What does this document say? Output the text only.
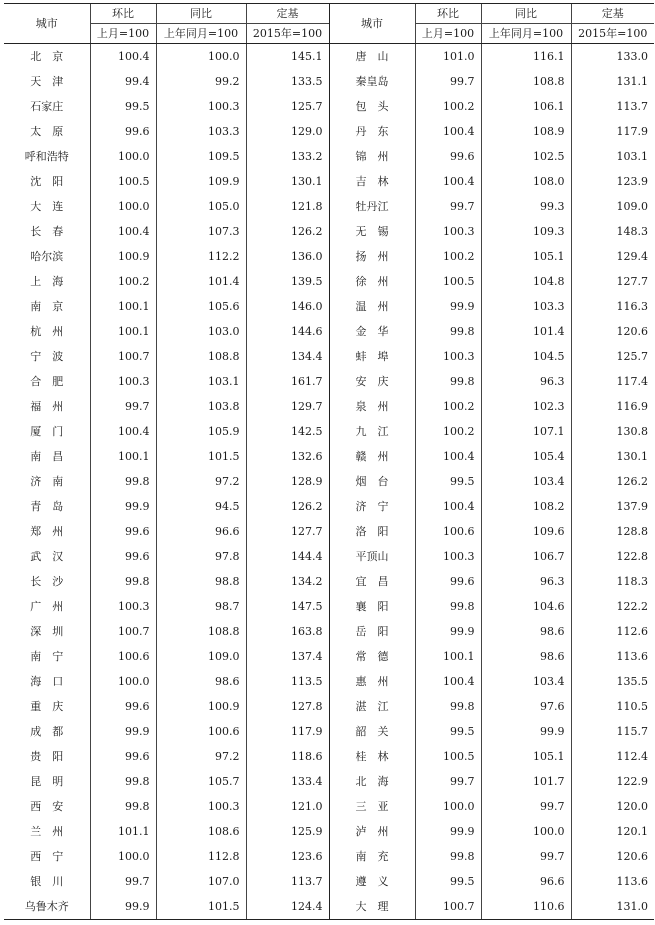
城市	环比	同比	定基	城市	环比	同比	定基
	上月=100	上年同月=100	2015年=100		上月=100	上年同月=100	2015年=100
北　京	100.4	100.0	145.1	唐　山	101.0	116.1	133.0
天　津	99.4	99.2	133.5	秦皇岛	99.7	108.8	131.1
石家庄	99.5	100.3	125.7	包　头	100.2	106.1	113.7
太　原	99.6	103.3	129.0	丹　东	100.4	108.9	117.9
呼和浩特	100.0	109.5	133.2	锦　州	99.6	102.5	103.1
沈　阳	100.5	109.9	130.1	吉　林	100.4	108.0	123.9
大　连	100.0	105.0	121.8	牡丹江	99.7	99.3	109.0
长　春	100.4	107.3	126.2	无　锡	100.3	109.3	148.3
哈尔滨	100.9	112.2	136.0	扬　州	100.2	105.1	129.4
上　海	100.2	101.4	139.5	徐　州	100.5	104.8	127.7
南　京	100.1	105.6	146.0	温　州	99.9	103.3	116.3
杭　州	100.1	103.0	144.6	金　华	99.8	101.4	120.6
宁　波	100.7	108.8	134.4	蚌　埠	100.3	104.5	125.7
合　肥	100.3	103.1	161.7	安　庆	99.8	96.3	117.4
福　州	99.7	103.8	129.7	泉　州	100.2	102.3	116.9
厦　门	100.4	105.9	142.5	九　江	100.2	107.1	130.8
南　昌	100.1	101.5	132.6	赣　州	100.4	105.4	130.1
济　南	99.8	97.2	128.9	烟　台	99.5	103.4	126.2
青　岛	99.9	94.5	126.2	济　宁	100.4	108.2	137.9
郑　州	99.6	96.6	127.7	洛　阳	100.6	109.6	128.8
武　汉	99.6	97.8	144.4	平顶山	100.3	106.7	122.8
长　沙	99.8	98.8	134.2	宜　昌	99.6	96.3	118.3
广　州	100.3	98.7	147.5	襄　阳	99.8	104.6	122.2
深　圳	100.7	108.8	163.8	岳　阳	99.9	98.6	112.6
南　宁	100.6	109.0	137.4	常　德	100.1	98.6	113.6
海　口	100.0	98.6	113.5	惠　州	100.4	103.4	135.5
重　庆	99.6	100.9	127.8	湛　江	99.8	97.6	110.5
成　都	99.9	100.6	117.9	韶　关	99.5	99.9	115.7
贵　阳	99.6	97.2	118.6	桂　林	100.5	105.1	112.4
昆　明	99.8	105.7	133.4	北　海	99.7	101.7	122.9
西　安	99.8	100.3	121.0	三　亚	100.0	99.7	120.0
兰　州	101.1	108.6	125.9	泸　州	99.9	100.0	120.1
西　宁	100.0	112.8	123.6	南　充	99.8	99.7	120.6
银　川	99.7	107.0	113.7	遵　义	99.5	96.6	113.6
乌鲁木齐	99.9	101.5	124.4	大　理	100.7	110.6	131.0
